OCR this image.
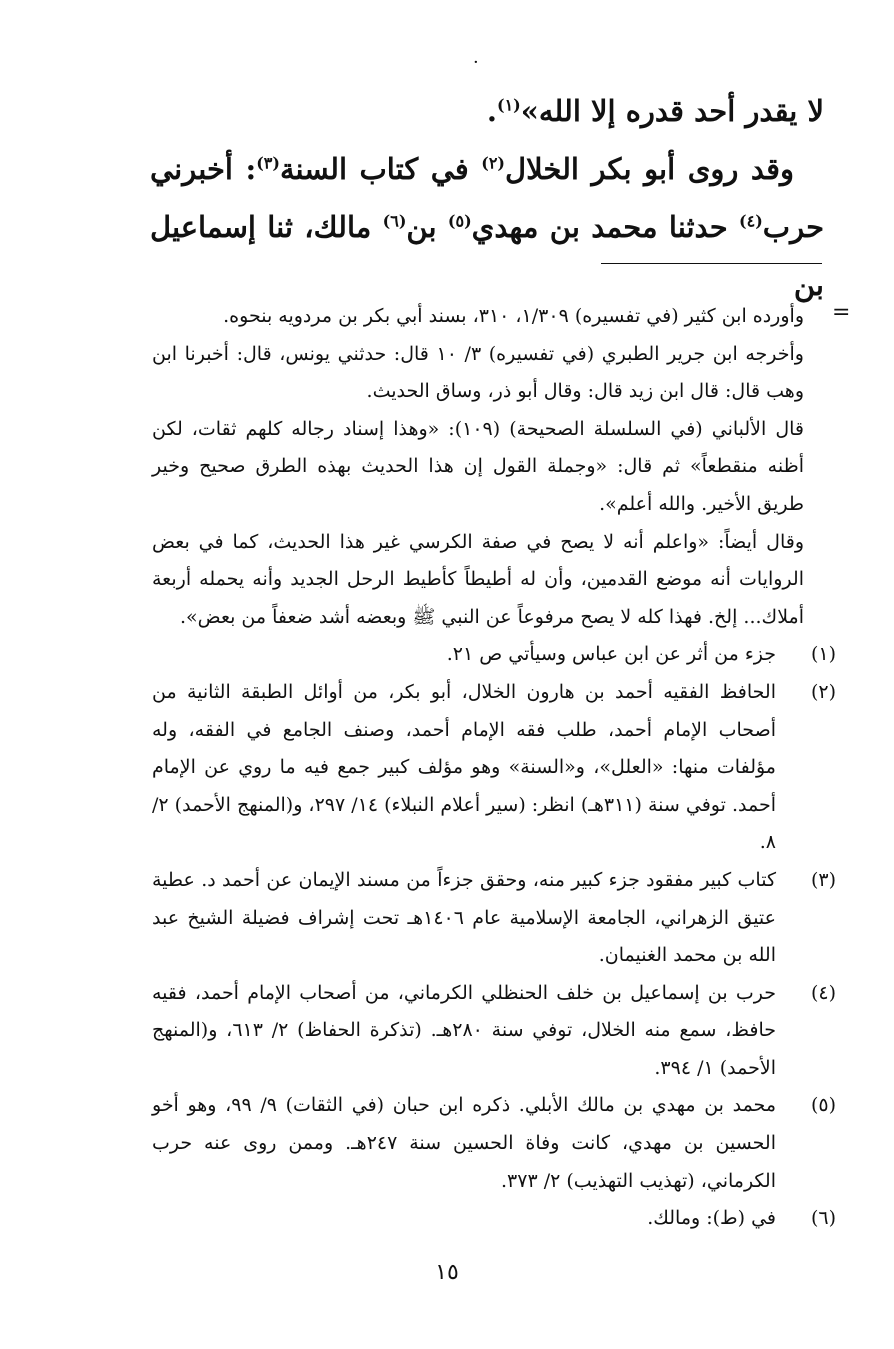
·

لا يقدر أحد قدره إلا الله»$^{(١)}$.

وقد روى أبو بكر الخلال$^{(٢)}$ في كتاب السنة$^{(٣)}$: أخبرني حرب$^{(٤)}$ حدثنا محمد بن مهدي$^{(٥)}$ بن$^{(٦)}$ مالك، ثنا إسماعيل بن

=

وأورده ابن كثير (في تفسيره) ١/٣٠٩، ٣١٠، بسند أبي بكر بن مردويه بنحوه.

وأخرجه ابن جرير الطبري (في تفسيره) ٣/ ١٠ قال: حدثني يونس، قال: أخبرنا ابن وهب قال: قال ابن زيد قال: وقال أبو ذر، وساق الحديث.

قال الألباني (في السلسلة الصحيحة) (١٠٩): «وهذا إسناد رجاله كلهم ثقات، لكن أظنه منقطعاً» ثم قال: «وجملة القول إن هذا الحديث بهذه الطرق صحيح وخير طريق الأخير. والله أعلم».

وقال أيضاً: «واعلم أنه لا يصح في صفة الكرسي غير هذا الحديث، كما في بعض الروايات أنه موضع القدمين، وأن له أطيطاً كأطيط الرحل الجديد وأنه يحمله أربعة أملاك... إلخ. فهذا كله لا يصح مرفوعاً عن النبي ﷺ وبعضه أشد ضعفاً من بعض».

(١)

جزء من أثر عن ابن عباس وسيأتي ص ٢١.

(٢)

الحافظ الفقيه أحمد بن هارون الخلال، أبو بكر، من أوائل الطبقة الثانية من أصحاب الإمام أحمد، طلب فقه الإمام أحمد، وصنف الجامع في الفقه، وله مؤلفات منها: «العلل»، و«السنة» وهو مؤلف كبير جمع فيه ما روي عن الإمام أحمد. توفي سنة (٣١١هـ) انظر: (سير أعلام النبلاء) ١٤/ ٢٩٧، و(المنهج الأحمد) ٢/ ٨.

(٣)

كتاب كبير مفقود جزء كبير منه، وحقق جزءاً من مسند الإيمان عن أحمد د. عطية عتيق الزهراني، الجامعة الإسلامية عام ١٤٠٦هـ تحت إشراف فضيلة الشيخ عبد الله بن محمد الغنيمان.

(٤)

حرب بن إسماعيل بن خلف الحنظلي الكرماني، من أصحاب الإمام أحمد، فقيه حافظ، سمع منه الخلال، توفي سنة ٢٨٠هـ. (تذكرة الحفاظ) ٢/ ٦١٣، و(المنهج الأحمد) ١/ ٣٩٤.

(٥)

محمد بن مهدي بن مالك الأبلي. ذكره ابن حبان (في الثقات) ٩/ ٩٩، وهو أخو الحسين بن مهدي، كانت وفاة الحسين سنة ٢٤٧هـ. وممن روى عنه حرب الكرماني، (تهذيب التهذيب) ٢/ ٣٧٣.

(٦)

في (ط): ومالك.

١٥
